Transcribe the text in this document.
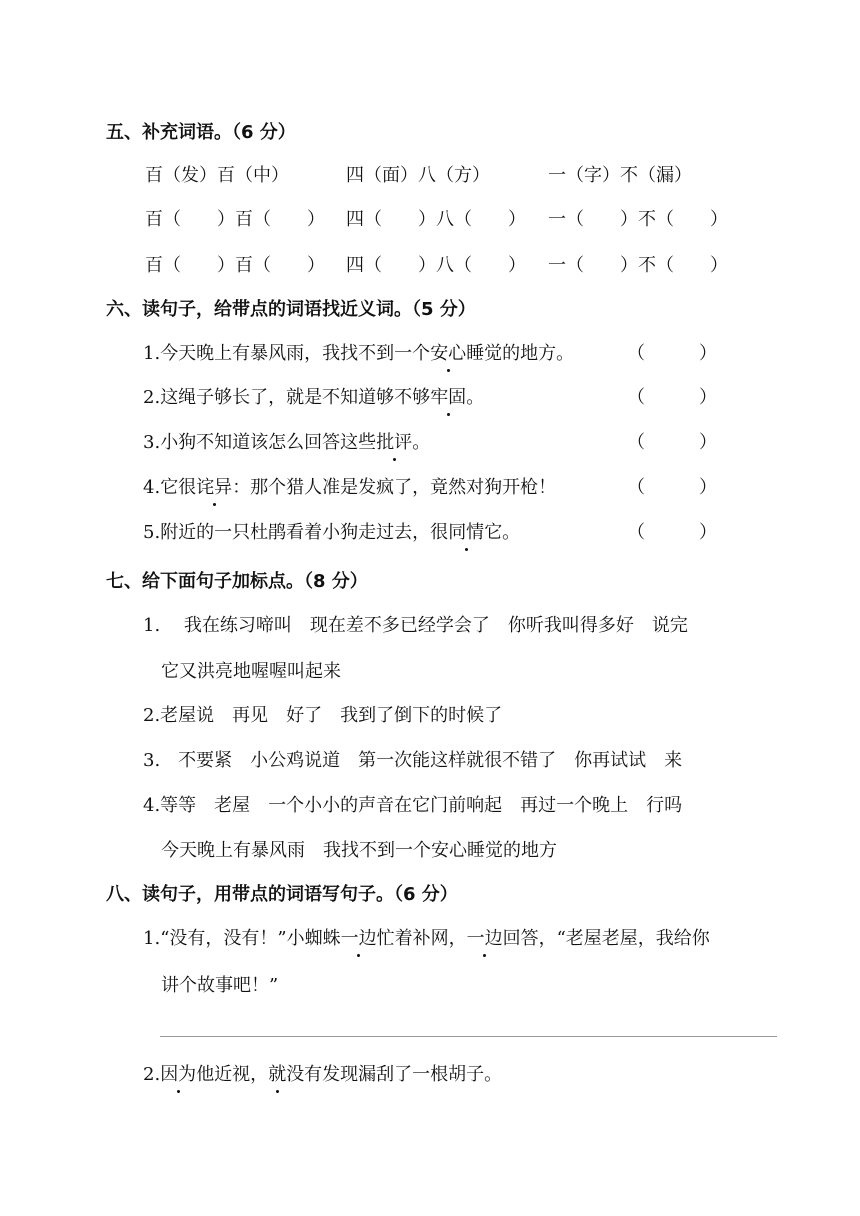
五、补充词语。（6 分）
百（发）百（中）	四（面）八（方）	一（字）不（漏）
百（　　）百（　　） 四（　　）八（　　） 一（　　）不（　　）
百（　　）百（　　） 四（　　）八（　　） 一（　　）不（　　）
六、读句子，给带点的词语找近义词。（5 分）
1.今天晚上有暴风雨，我找不到一个安心睡觉的地方。	（　　　）
2.这绳子够长了，就是不知道够不够牢固。	（　　　）
3.小狗不知道该怎么回答这些批评。	（　　　）
4.它很诧异：那个猎人准是发疯了，竟然对狗开枪！	（　　　）
5.附近的一只杜鹃看着小狗走过去，很同情它。	（　　　）
七、给下面句子加标点。（8 分）
1.　 我在练习啼叫　现在差不多已经学会了　你听我叫得多好　说完
它又洪亮地喔喔叫起来
2.老屋说　再见　好了　我到了倒下的时候了
3.　不要紧　小公鸡说道　第一次能这样就很不错了　你再试试　来
4.等等　老屋　一个小小的声音在它门前响起　再过一个晚上　行吗
今天晚上有暴风雨　我找不到一个安心睡觉的地方
八、读句子，用带点的词语写句子。（6 分）
1.“没有，没有！”小蜘蛛一边忙着补网，一边回答，“老屋老屋，我给你
讲个故事吧！”
2.因为他近视，就没有发现漏刮了一根胡子。
